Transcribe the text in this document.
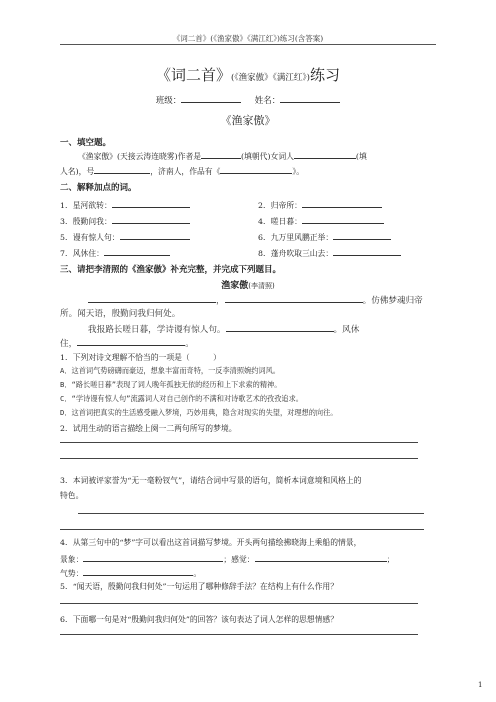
《词二首》(《渔家傲》《满江红》)练习(含答案)
《词二首》(《渔家傲》《满江红》)练习
班级：	姓名：
《渔家傲》
一、填空题。
《渔家傲》(天接云涛连晓雾)作者是	(填朝代)女词人	(填
人名)，号	，济南人，作品有《	》。
二、解释加点的词。
1．星河欲转：	2．归帝所：
3．殷勤问我：	4．嗟日暮：
5．谩有惊人句：	6．九万里风鹏正举：
7．风休住：	8．蓬舟吹取三山去：
三、请把李清照的《渔家傲》补充完整，并完成下列题目。
渔家傲(李清照)
，	。仿佛梦魂归帝
所。闻天语，殷勤问我归何处。
我报路长嗟日暮，学诗谩有惊人句。	。风休
住，	。
1．下列对诗文理解不恰当的一项是（　　　）
A．这首词气势磅礴而豪迈，想象丰富而奇特，一反李清照婉约词风。
B．“路长嗟日暮”表现了词人晚年孤独无依的经历和上下求索的精神。
C．“学诗谩有惊人句”流露词人对自己创作的不满和对诗歌艺术的孜孜追求。
D．这首词把真实的生活感受融入梦境，巧妙用典，隐含对现实的失望，对理想的向往。
2．试用生动的语言描绘上阕一二两句所写的梦境。
3．本词被评家誉为“无一毫粉钗气”，请结合词中写景的语句，简析本词意境和风格上的
特色。
4．从第三句中的“梦”字可以看出这首词描写梦境。开头两句描绘拂晓海上乘船的情景，
景象：	；感觉：	；
气势：	。
5．“闻天语，殷勤问我归何处”一句运用了哪种修辞手法？在结构上有什么作用？
6．下面哪一句是对“殷勤问我归何处”的回答？该句表达了词人怎样的思想情感？
1
